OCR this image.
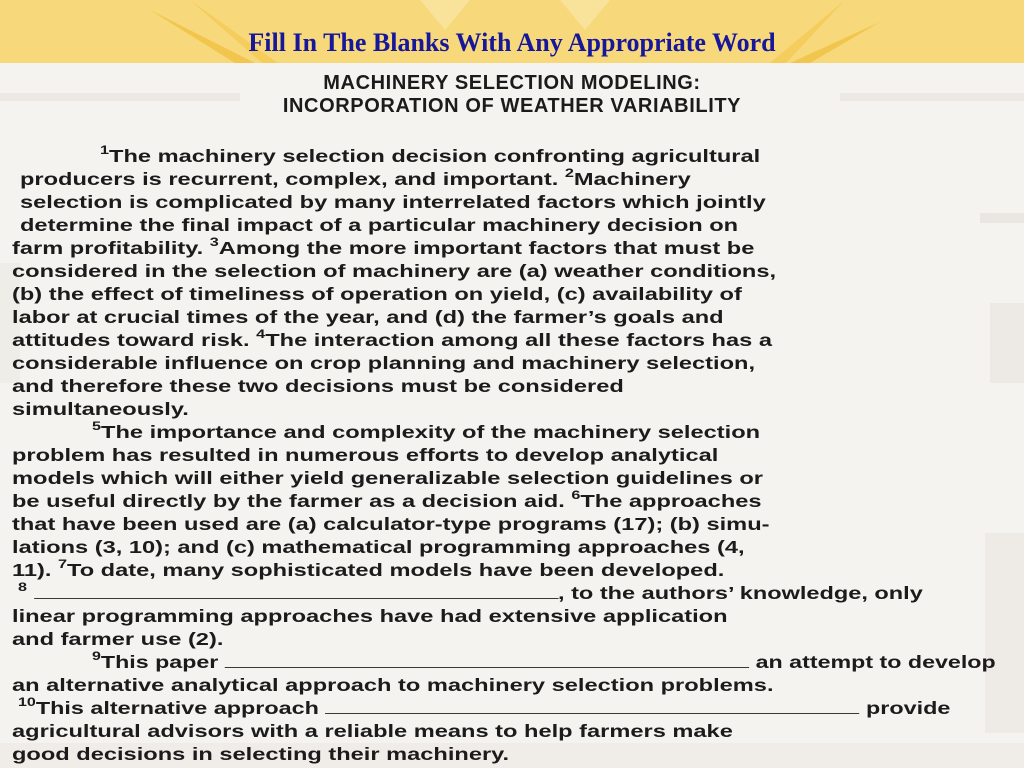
Fill In The Blanks With Any Appropriate Word
MACHINERY SELECTION MODELING:
INCORPORATION OF WEATHER VARIABILITY
$^1$The machinery selection decision confronting agricultural
producers is recurrent, complex, and important. $^2$Machinery
selection is complicated by many interrelated factors which jointly
determine the final impact of a particular machinery decision on
farm profitability. $^3$Among the more important factors that must be
considered in the selection of machinery are (a) weather conditions,
(b) the effect of timeliness of operation on yield, (c) availability of
labor at crucial times of the year, and (d) the farmer’s goals and
attitudes toward risk. $^4$The interaction among all these factors has a
considerable influence on crop planning and machinery selection,
and therefore these two decisions must be considered
simultaneously.
$^5$The importance and complexity of the machinery selection
problem has resulted in numerous efforts to develop analytical
models which will either yield generalizable selection guidelines or
be useful directly by the farmer as a decision aid. $^6$The approaches
that have been used are (a) calculator-type programs (17); (b) simu-
lations (3, 10); and (c) mathematical programming approaches (4,
11). $^7$To date, many sophisticated models have been developed.
$^8$	, to the authors’ knowledge, only
linear programming approaches have had extensive application
and farmer use (2).
$^9$This paper	an attempt to develop
an alternative analytical approach to machinery selection problems.
$^{10}$This alternative approach	provide
agricultural advisors with a reliable means to help farmers make
good decisions in selecting their machinery.
